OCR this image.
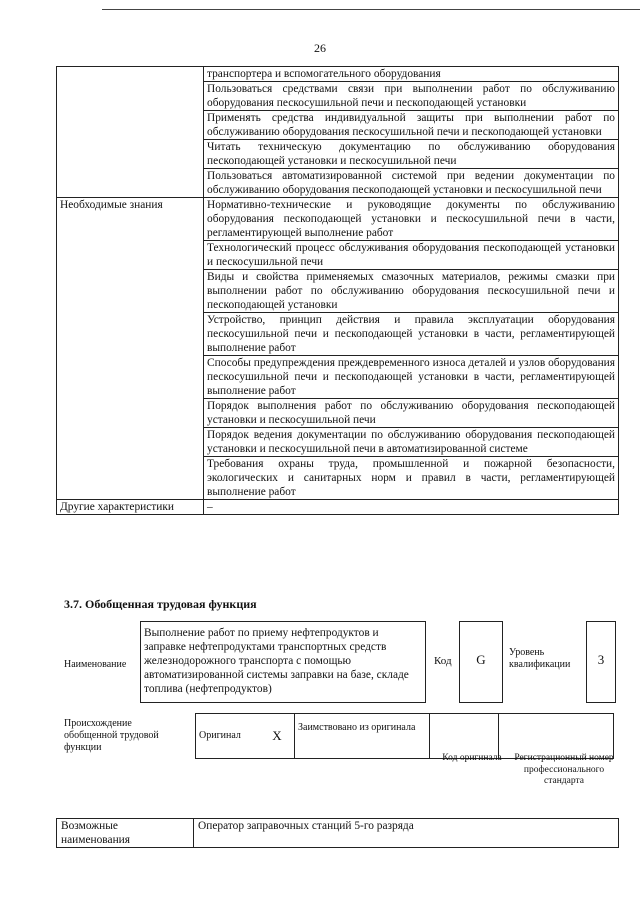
26
	транспортера и вспомогательного оборудования
	Пользоваться средствами связи при выполнении работ по обслуживанию оборудования пескосушильной печи и пескоподающей установки
	Применять средства индивидуальной защиты при выполнении работ по обслуживанию оборудования пескосушильной печи и пескоподающей установки
	Читать техническую документацию по обслуживанию оборудования пескоподающей установки и пескосушильной печи
	Пользоваться автоматизированной системой при ведении документации по обслуживанию оборудования пескоподающей установки и пескосушильной печи
Необходимые знания	Нормативно-технические и руководящие документы по обслуживанию оборудования пескоподающей установки и пескосушильной печи в части, регламентирующей выполнение работ
	Технологический процесс обслуживания оборудования пескоподающей установки и пескосушильной печи
	Виды и свойства применяемых смазочных материалов, режимы смазки при выполнении работ по обслуживанию оборудования пескосушильной печи и пескоподающей установки
	Устройство, принцип действия и правила эксплуатации оборудования пескосушильной печи и пескоподающей установки в части, регламентирующей выполнение работ
	Способы предупреждения преждевременного износа деталей и узлов оборудования пескосушильной печи и пескоподающей установки в части, регламентирующей выполнение работ
	Порядок выполнения работ по обслуживанию оборудования пескоподающей установки и пескосушильной печи
	Порядок ведения документации по обслуживанию оборудования пескоподающей установки и пескосушильной печи в автоматизированной системе
	Требования охраны труда, промышленной и пожарной безопасности, экологических и санитарных норм и правил в части, регламентирующей выполнение работ
Другие характеристики	–
3.7. Обобщенная трудовая функция
Наименование
Выполнение работ по приему нефтепродуктов и заправке нефтепродуктами транспортных средств железнодорожного транспорта с помощью автоматизированной системы заправки на базе, складе топлива (нефтепродуктов)
Код	G	Уровень квалификации	3
Происхождение обобщенной трудовой функции
Оригинал	X	Заимствовано из оригинала		
Код оригинала	Регистрационный номер профессионального стандарта
Возможные наименования	Оператор заправочных станций 5-го разряда
